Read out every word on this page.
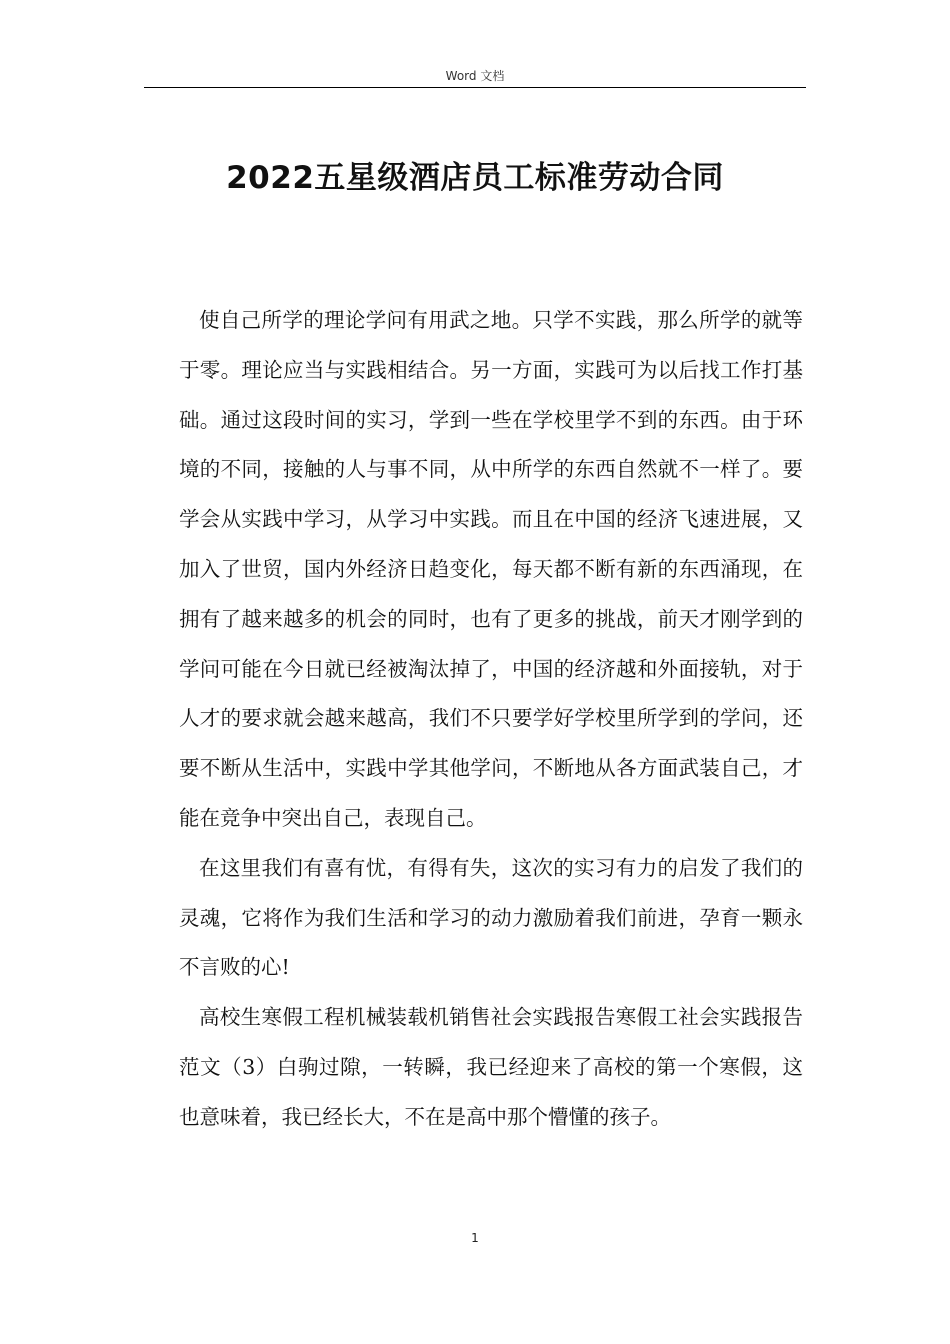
Word 文档
2022五星级酒店员工标准劳动合同

使自己所学的理论学问有用武之地。只学不实践，那么所学的就等于零。理论应当与实践相结合。另一方面，实践可为以后找工作打基础。通过这段时间的实习，学到一些在学校里学不到的东西。由于环境的不同，接触的人与事不同，从中所学的东西自然就不一样了。要学会从实践中学习，从学习中实践。而且在中国的经济飞速进展，又加入了世贸，国内外经济日趋变化，每天都不断有新的东西涌现，在拥有了越来越多的机会的同时，也有了更多的挑战，前天才刚学到的学问可能在今日就已经被淘汰掉了，中国的经济越和外面接轨，对于人才的要求就会越来越高，我们不只要学好学校里所学到的学问，还要不断从生活中，实践中学其他学问，不断地从各方面武装自己，才能在竞争中突出自己，表现自己。

在这里我们有喜有忧，有得有失，这次的实习有力的启发了我们的灵魂，它将作为我们生活和学习的动力激励着我们前进，孕育一颗永不言败的心!

高校生寒假工程机械装载机销售社会实践报告寒假工社会实践报告范文（3）白驹过隙，一转瞬，我已经迎来了高校的第一个寒假，这也意味着，我已经长大，不在是高中那个懵懂的孩子。

1
